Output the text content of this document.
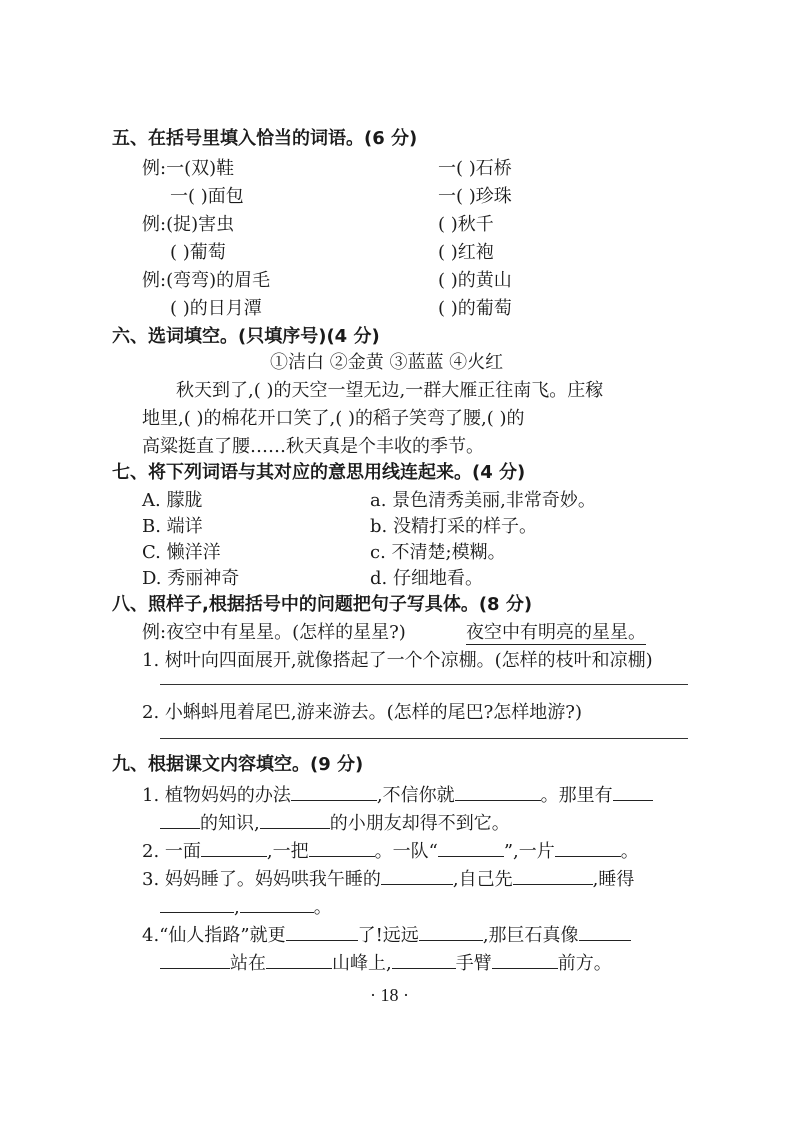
五、在括号里填入恰当的词语。(6 分)
例:一(双)鞋	一( )石桥
一( )面包	一( )珍珠
例:(捉)害虫	( )秋千
( )葡萄	( )红袍
例:(弯弯)的眉毛	( )的黄山
( )的日月潭	( )的葡萄
六、选词填空。(只填序号)(4 分)
①洁白 ②金黄 ③蓝蓝 ④火红
秋天到了,( )的天空一望无边,一群大雁正往南飞。庄稼
地里,( )的棉花开口笑了,( )的稻子笑弯了腰,( )的
高粱挺直了腰……秋天真是个丰收的季节。
七、将下列词语与其对应的意思用线连起来。(4 分)
A. 朦胧	a. 景色清秀美丽,非常奇妙。
B. 端详	b. 没精打采的样子。
C. 懒洋洋	c. 不清楚;模糊。
D. 秀丽神奇	d. 仔细地看。
八、照样子,根据括号中的问题把句子写具体。(8 分)
例:夜空中有星星。(怎样的星星?)	夜空中有明亮的星星。
1. 树叶向四面展开,就像搭起了一个个凉棚。(怎样的枝叶和凉棚)
2. 小蝌蚪甩着尾巴,游来游去。(怎样的尾巴?怎样地游?)
九、根据课文内容填空。(9 分)
1. 植物妈妈的办法	,不信你就	。那里有
的知识,	的小朋友却得不到它。
2. 一面	,一把	。一队“	”,一片	。
3. 妈妈睡了。妈妈哄我午睡的	,自己先	,睡得
,	。
4.“仙人指路”就更	了!远远	,那巨石真像
站在	山峰上,	手臂	前方。
· 18 ·
